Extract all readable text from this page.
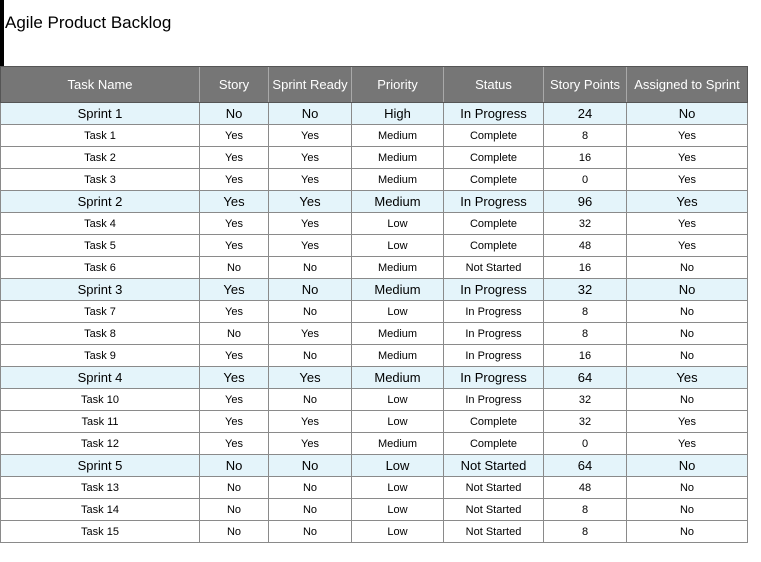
Agile Product Backlog
Task Name	Story	Sprint Ready	Priority	Status	Story Points	Assigned to Sprint
Sprint 1	No	No	High	In Progress	24	No
Task 1	Yes	Yes	Medium	Complete	8	Yes
Task 2	Yes	Yes	Medium	Complete	16	Yes
Task 3	Yes	Yes	Medium	Complete	0	Yes
Sprint 2	Yes	Yes	Medium	In Progress	96	Yes
Task 4	Yes	Yes	Low	Complete	32	Yes
Task 5	Yes	Yes	Low	Complete	48	Yes
Task 6	No	No	Medium	Not Started	16	No
Sprint 3	Yes	No	Medium	In Progress	32	No
Task 7	Yes	No	Low	In Progress	8	No
Task 8	No	Yes	Medium	In Progress	8	No
Task 9	Yes	No	Medium	In Progress	16	No
Sprint 4	Yes	Yes	Medium	In Progress	64	Yes
Task 10	Yes	No	Low	In Progress	32	No
Task 11	Yes	Yes	Low	Complete	32	Yes
Task 12	Yes	Yes	Medium	Complete	0	Yes
Sprint 5	No	No	Low	Not Started	64	No
Task 13	No	No	Low	Not Started	48	No
Task 14	No	No	Low	Not Started	8	No
Task 15	No	No	Low	Not Started	8	No
